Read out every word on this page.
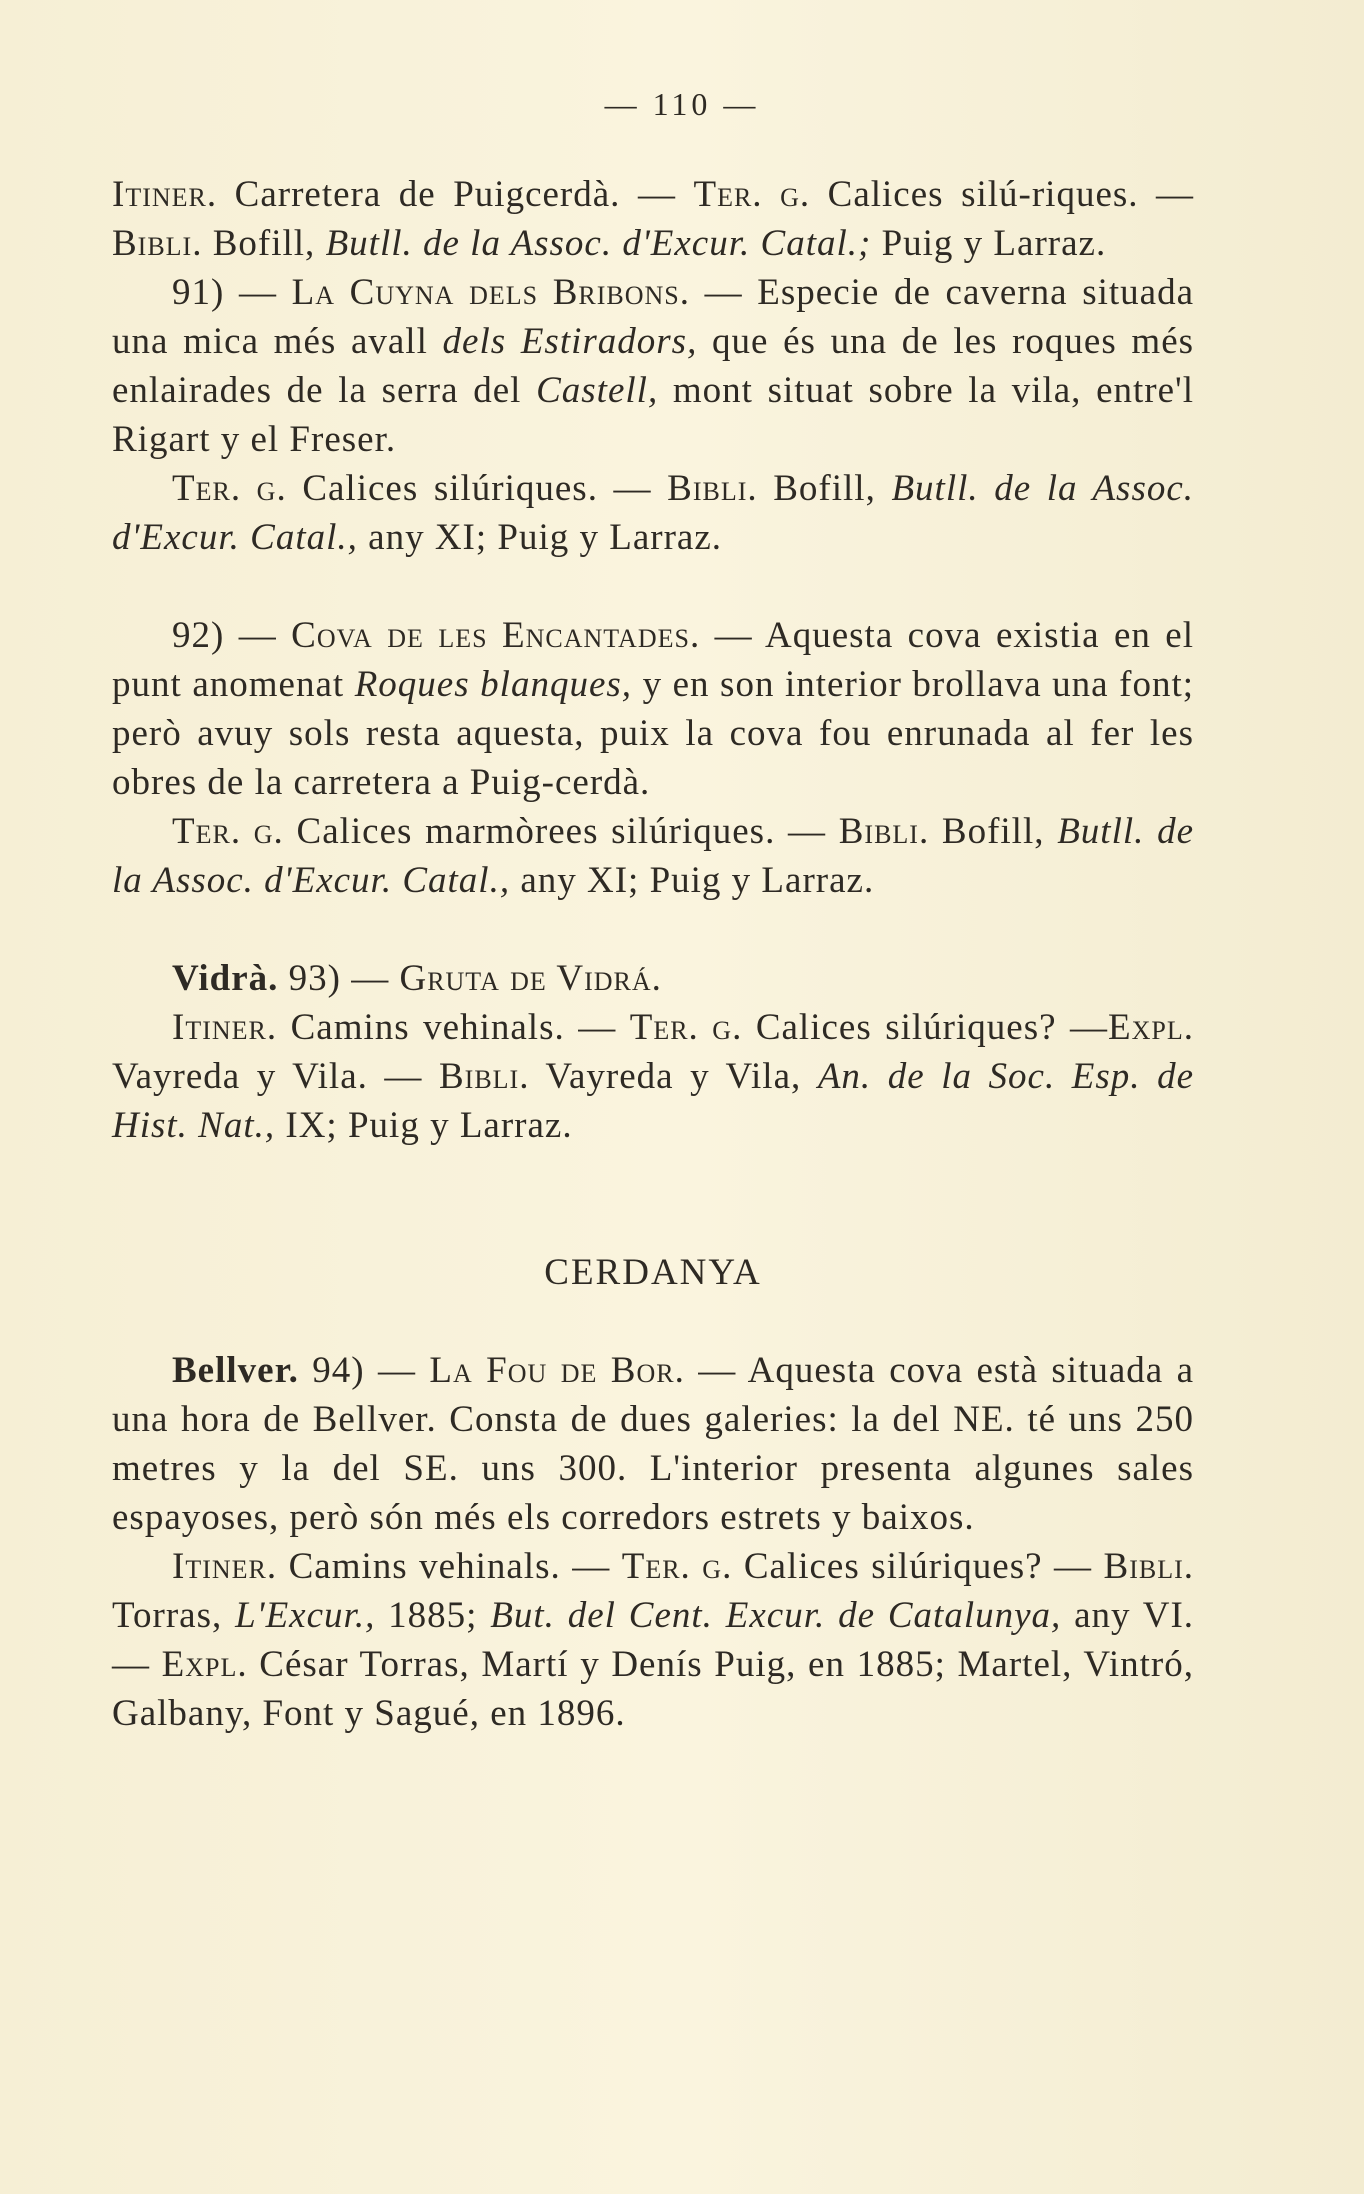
— 110 —

Itiner. Carretera de Puigcerdà. — Ter. g. Calices silú-riques. — Bibli. Bofill, Butll. de la Assoc. d'Excur. Catal.; Puig y Larraz.

91) — La Cuyna dels Bribons. — Especie de caverna situada una mica més avall dels Estiradors, que és una de les roques més enlairades de la serra del Castell, mont situat sobre la vila, entre'l Rigart y el Freser.

Ter. g. Calices silúriques. — Bibli. Bofill, Butll. de la Assoc. d'Excur. Catal., any XI; Puig y Larraz.

92) — Cova de les Encantades. — Aquesta cova existia en el punt anomenat Roques blanques, y en son interior brollava una font; però avuy sols resta aquesta, puix la cova fou enrunada al fer les obres de la carretera a Puig-cerdà.

Ter. g. Calices marmòrees silúriques. — Bibli. Bofill, Butll. de la Assoc. d'Excur. Catal., any XI; Puig y Larraz.

Vidrà. 93) — Gruta de Vidrá.

Itiner. Camins vehinals. — Ter. g. Calices silúriques? —Expl. Vayreda y Vila. — Bibli. Vayreda y Vila, An. de la Soc. Esp. de Hist. Nat., IX; Puig y Larraz.

CERDANYA

Bellver. 94) — La Fou de Bor. — Aquesta cova està situada a una hora de Bellver. Consta de dues galeries: la del NE. té uns 250 metres y la del SE. uns 300. L'interior presenta algunes sales espayoses, però són més els corredors estrets y baixos.

Itiner. Camins vehinals. — Ter. g. Calices silúriques? — Bibli. Torras, L'Excur., 1885; But. del Cent. Excur. de Catalunya, any VI. — Expl. César Torras, Martí y Denís Puig, en 1885; Martel, Vintró, Galbany, Font y Sagué, en 1896.
